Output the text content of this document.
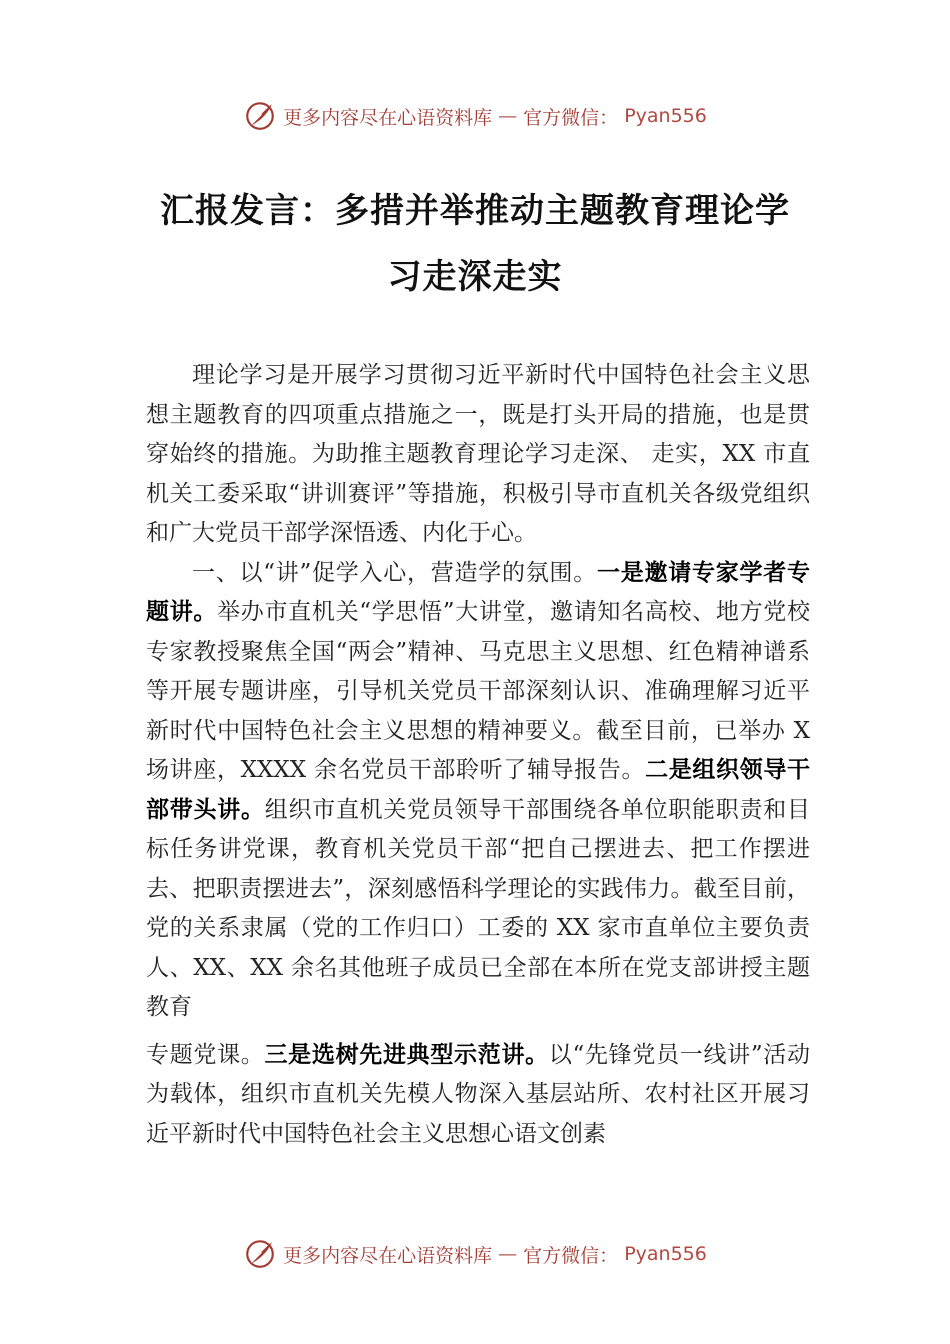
更多内容尽在心语资料库 — 官方微信： Pyan556
汇报发言：多措并举推动主题教育理论学
习走深走实

理论学习是开展学习贯彻习近平新时代中国特色社会主义思想主题教育的四项重点措施之一，既是打头开局的措施，也是贯穿始终的措施。为助推主题教育理论学习走深、 走实，XX 市直机关工委采取“讲训赛评”等措施，积极引导市直机关各级党组织和广大党员干部学深悟透、内化于心。

一、以“讲”促学入心，营造学的氛围。一是邀请专家学者专题讲。举办市直机关“学思悟”大讲堂，邀请知名高校、地方党校专家教授聚焦全国“两会”精神、马克思主义思想、红色精神谱系等开展专题讲座，引导机关党员干部深刻认识、准确理解习近平新时代中国特色社会主义思想的精神要义。截至目前，已举办 X 场讲座，XXXX 余名党员干部聆听了辅导报告。二是组织领导干部带头讲。组织市直机关党员领导干部围绕各单位职能职责和目标任务讲党课，教育机关党员干部“把自己摆进去、把工作摆进去、把职责摆进去”，深刻感悟科学理论的实践伟力。截至目前，党的关系隶属（党的工作归口）工委的 XX 家市直单位主要负责人、XX、XX 余名其他班子成员已全部在本所在党支部讲授主题教育

专题党课。三是选树先进典型示范讲。以“先锋党员一线讲”活动为载体，组织市直机关先模人物深入基层站所、农村社区开展习近平新时代中国特色社会主义思想心语文创素

更多内容尽在心语资料库 — 官方微信： Pyan556
